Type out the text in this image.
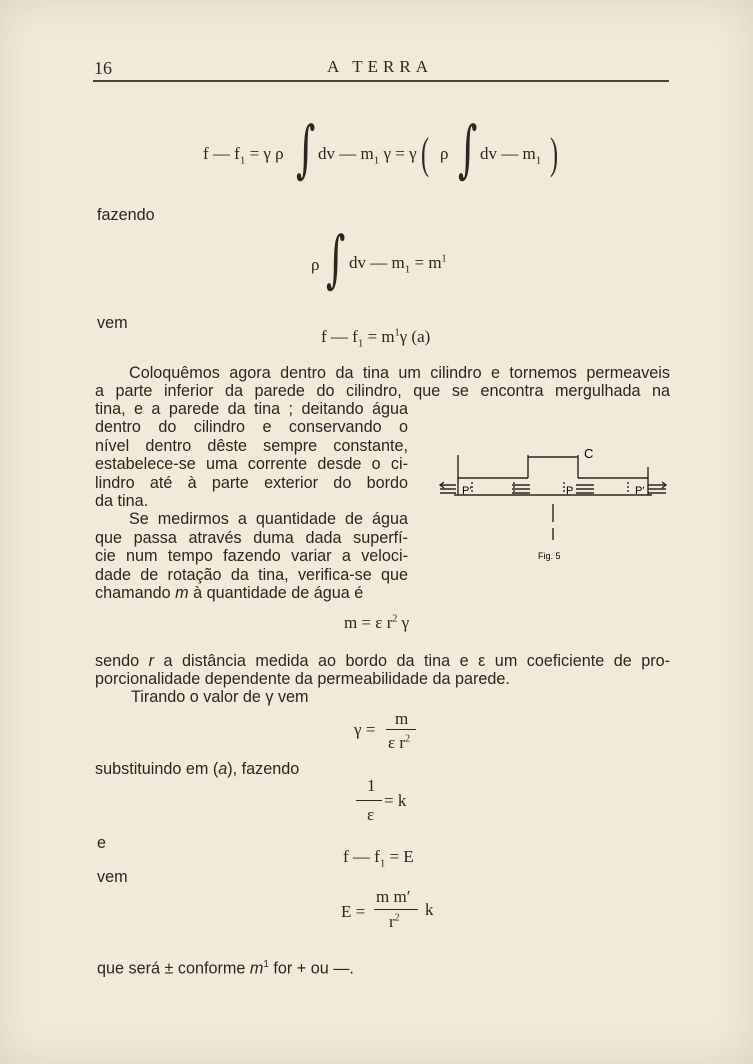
16	A TERRA
f — $f_1 = \gamma$ ρ ∫ dv — $m_1$ γ = γ ( ρ ∫ dv — $m_1$ )
fazendo
ρ ∫ dv — $m_1 = m^1$
vem
f — $f_1 = m^1\gamma$ (a)
Coloquêmos agora dentro da tina um cilindro e tornemos permeaveis
a parte inferior da parede do cilindro, que se encontra mergulhada na
tina, e a parede da tina ; deitando água
dentro do cilindro e conservando o
nível dentro dêste sempre constante,
estabelece-se uma corrente desde o ci-
lindro até à parte exterior do bordo
da tina.
Se medirmos a quantidade de água
que passa através duma dada superfí-
cie num tempo fazendo variar a veloci-
dade de rotação da tina, verifica-se que
chamando m à quantidade de água é
C
P′	P	P′
Fig. 5
m = ε $r^2$ γ
sendo r a distância medida ao bordo da tina e ε um coeficiente de pro-
porcionalidade dependente da permeabilidade da parede.
Tirando o valor de γ vem
γ =
m
ε $r^2$
substituindo em (a), fazendo
1
= k
ε
e
f — $f_1 = E$
vem
E =
m m′
$r^2$ k
que será ± conforme $m^1$ for + ou —.
